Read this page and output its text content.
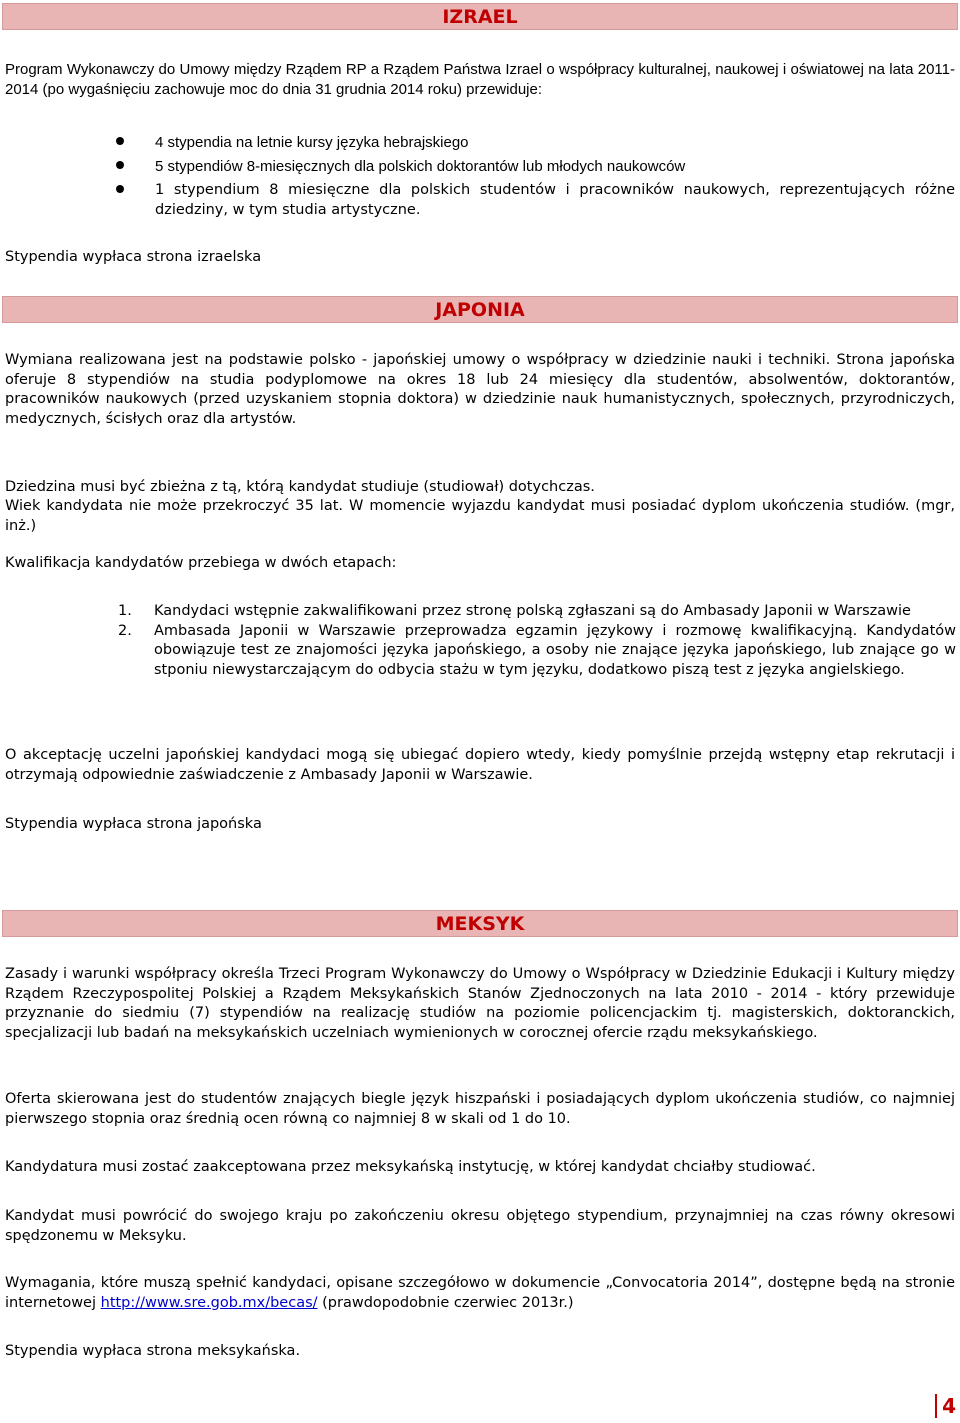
IZRAEL

Program Wykonawczy do Umowy między Rządem RP a Rządem Państwa Izrael o współpracy kulturalnej, naukowej i oświatowej na lata 2011-2014 (po wygaśnięciu zachowuje moc do dnia 31 grudnia 2014 roku) przewiduje:

4 stypendia na letnie kursy języka hebrajskiego
5 stypendiów 8-miesięcznych dla polskich doktorantów lub młodych naukowców
1 stypendium 8 miesięczne dla polskich studentów i pracowników naukowych, reprezentujących różne dziedziny, w tym studia artystyczne.

Stypendia wypłaca strona izraelska

JAPONIA

Wymiana realizowana jest na podstawie polsko - japońskiej umowy o współpracy w dziedzinie nauki i techniki. Strona japońska oferuje 8 stypendiów na studia podyplomowe na okres 18 lub 24 miesięcy dla studentów, absolwentów, doktorantów, pracowników naukowych (przed uzyskaniem stopnia doktora) w dziedzinie nauk humanistycznych, społecznych, przyrodniczych, medycznych, ścisłych oraz dla artystów.

Dziedzina musi być zbieżna z tą, którą kandydat studiuje (studiował) dotychczas.

Wiek kandydata nie może przekroczyć 35 lat. W momencie wyjazdu kandydat musi posiadać dyplom ukończenia studiów. (mgr, inż.)

Kwalifikacja kandydatów przebiega w dwóch etapach:

1. Kandydaci wstępnie zakwalifikowani przez stronę polską zgłaszani są do Ambasady Japonii w Warszawie
2. Ambasada Japonii w Warszawie przeprowadza egzamin językowy i rozmowę kwalifikacyjną. Kandydatów obowiązuje test ze znajomości języka japońskiego, a osoby nie znające języka japońskiego, lub znające go w stponiu niewystarczającym do odbycia stażu w tym języku, dodatkowo piszą test z języka angielskiego.

O akceptację uczelni japońskiej kandydaci mogą się ubiegać dopiero wtedy, kiedy pomyślnie przejdą wstępny etap rekrutacji i otrzymają odpowiednie zaświadczenie z Ambasady Japonii w Warszawie.

Stypendia wypłaca strona japońska

MEKSYK

Zasady i warunki współpracy określa Trzeci Program Wykonawczy do Umowy o Współpracy w Dziedzinie Edukacji i Kultury między Rządem Rzeczypospolitej Polskiej a Rządem Meksykańskich Stanów Zjednoczonych na lata 2010 - 2014 - który przewiduje przyznanie do siedmiu (7) stypendiów na realizację studiów na poziomie policencjackim tj. magisterskich, doktoranckich, specjalizacji lub badań na meksykańskich uczelniach wymienionych w corocznej ofercie rządu meksykańskiego.

Oferta skierowana jest do studentów znających biegle język hiszpański i posiadających dyplom ukończenia studiów, co najmniej pierwszego stopnia oraz średnią ocen równą co najmniej 8 w skali od 1 do 10.

Kandydatura musi zostać zaakceptowana przez meksykańską instytucję, w której kandydat chciałby studiować.

Kandydat musi powrócić do swojego kraju po zakończeniu okresu objętego stypendium, przynajmniej na czas równy okresowi spędzonemu w Meksyku.

Wymagania, które muszą spełnić kandydaci, opisane szczegółowo w dokumencie „Convocatoria 2014”, dostępne będą na stronie internetowej http://www.sre.gob.mx/becas/ (prawdopodobnie czerwiec 2013r.)

Stypendia wypłaca strona meksykańska.

4
